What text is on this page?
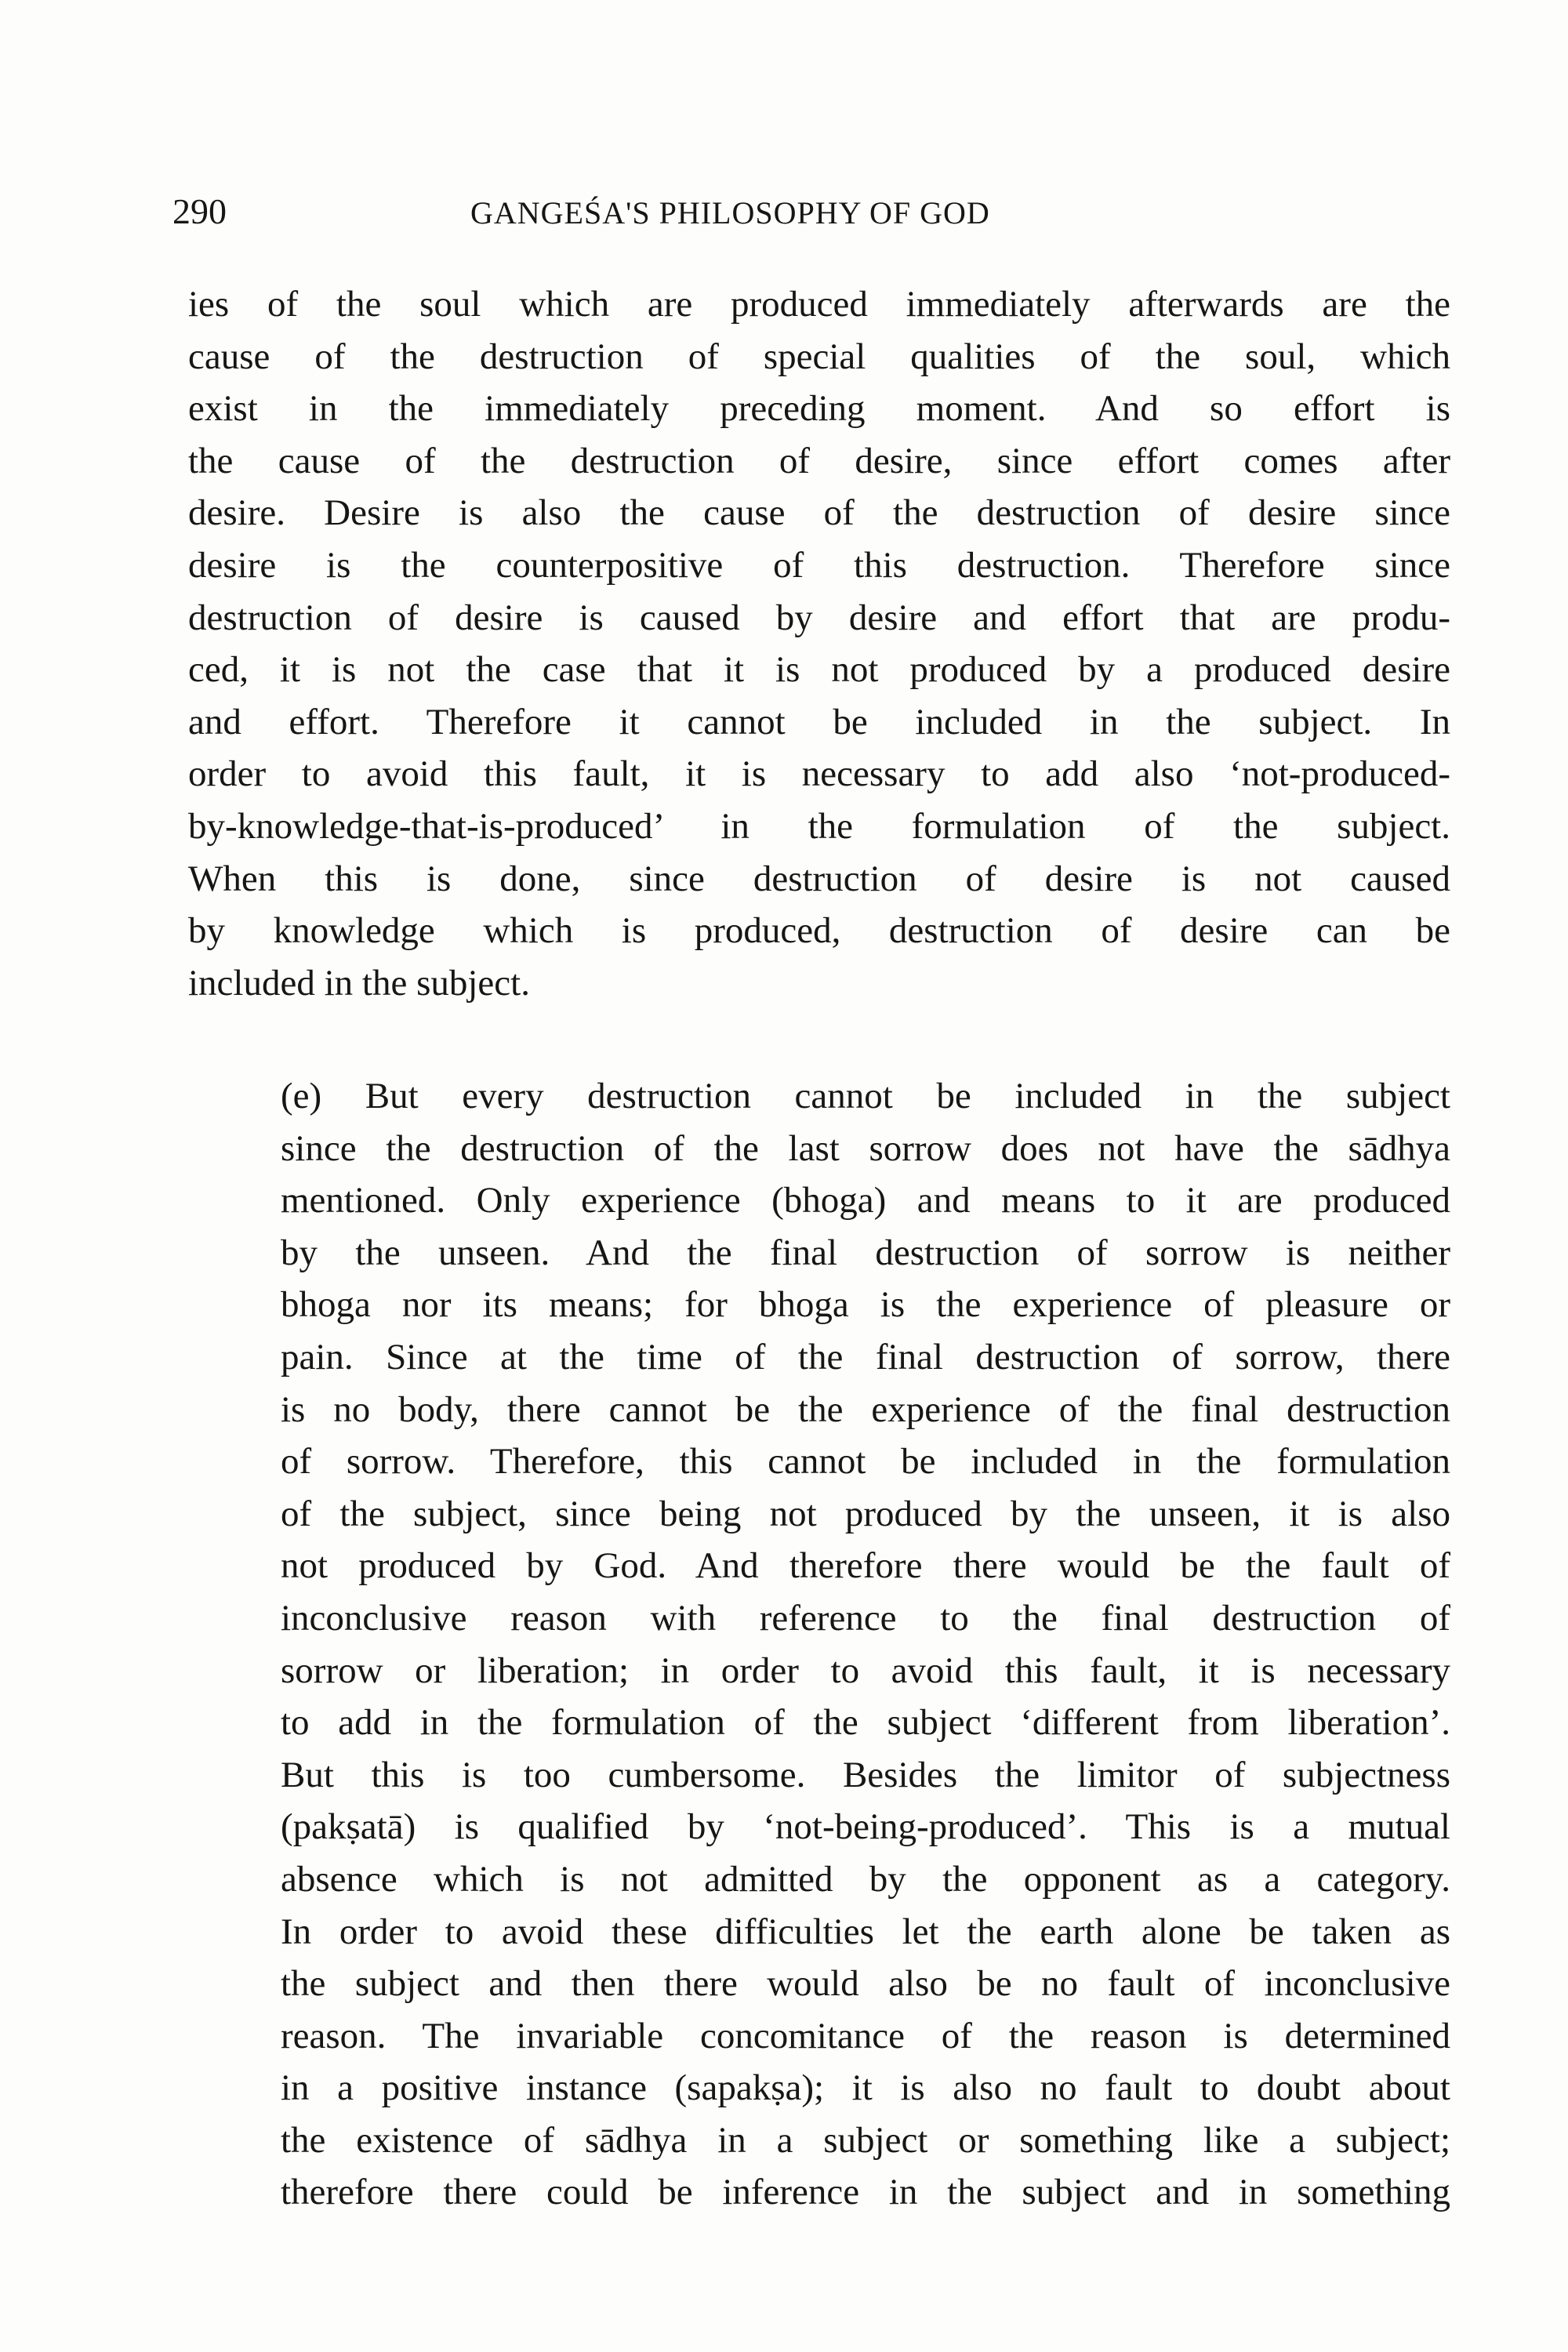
290	GANGEŚA'S PHILOSOPHY OF GOD

ies of the soul which are produced immediately afterwards are the
cause of the destruction of special qualities of the soul, which
exist in the immediately preceding moment. And so effort is
the cause of the destruction of desire, since effort comes after
desire. Desire is also the cause of the destruction of desire since
desire is the counterpositive of this destruction. Therefore since
destruction of desire is caused by desire and effort that are produ-
ced, it is not the case that it is not produced by a produced desire
and effort. Therefore it cannot be included in the subject. In
order to avoid this fault, it is necessary to add also ‘not-produced-
by-knowledge-that-is-produced’ in the formulation of the subject.
When this is done, since destruction of desire is not caused
by knowledge which is produced, destruction of desire can be
included in the subject.

(e) But every destruction cannot be included in the subject
since the destruction of the last sorrow does not have the sādhya
mentioned. Only experience (bhoga) and means to it are produced
by the unseen. And the final destruction of sorrow is neither
bhoga nor its means; for bhoga is the experience of pleasure or
pain. Since at the time of the final destruction of sorrow, there
is no body, there cannot be the experience of the final destruction
of sorrow. Therefore, this cannot be included in the formulation
of the subject, since being not produced by the unseen, it is also
not produced by God. And therefore there would be the fault of
inconclusive reason with reference to the final destruction of
sorrow or liberation; in order to avoid this fault, it is necessary
to add in the formulation of the subject ‘different from liberation’.
But this is too cumbersome. Besides the limitor of subjectness
(pakṣatā) is qualified by ‘not-being-produced’. This is a mutual
absence which is not admitted by the opponent as a category.
In order to avoid these difficulties let the earth alone be taken as
the subject and then there would also be no fault of inconclusive
reason. The invariable concomitance of the reason is determined
in a positive instance (sapakṣa); it is also no fault to doubt about
the existence of sādhya in a subject or something like a subject;
therefore there could be inference in the subject and in something
